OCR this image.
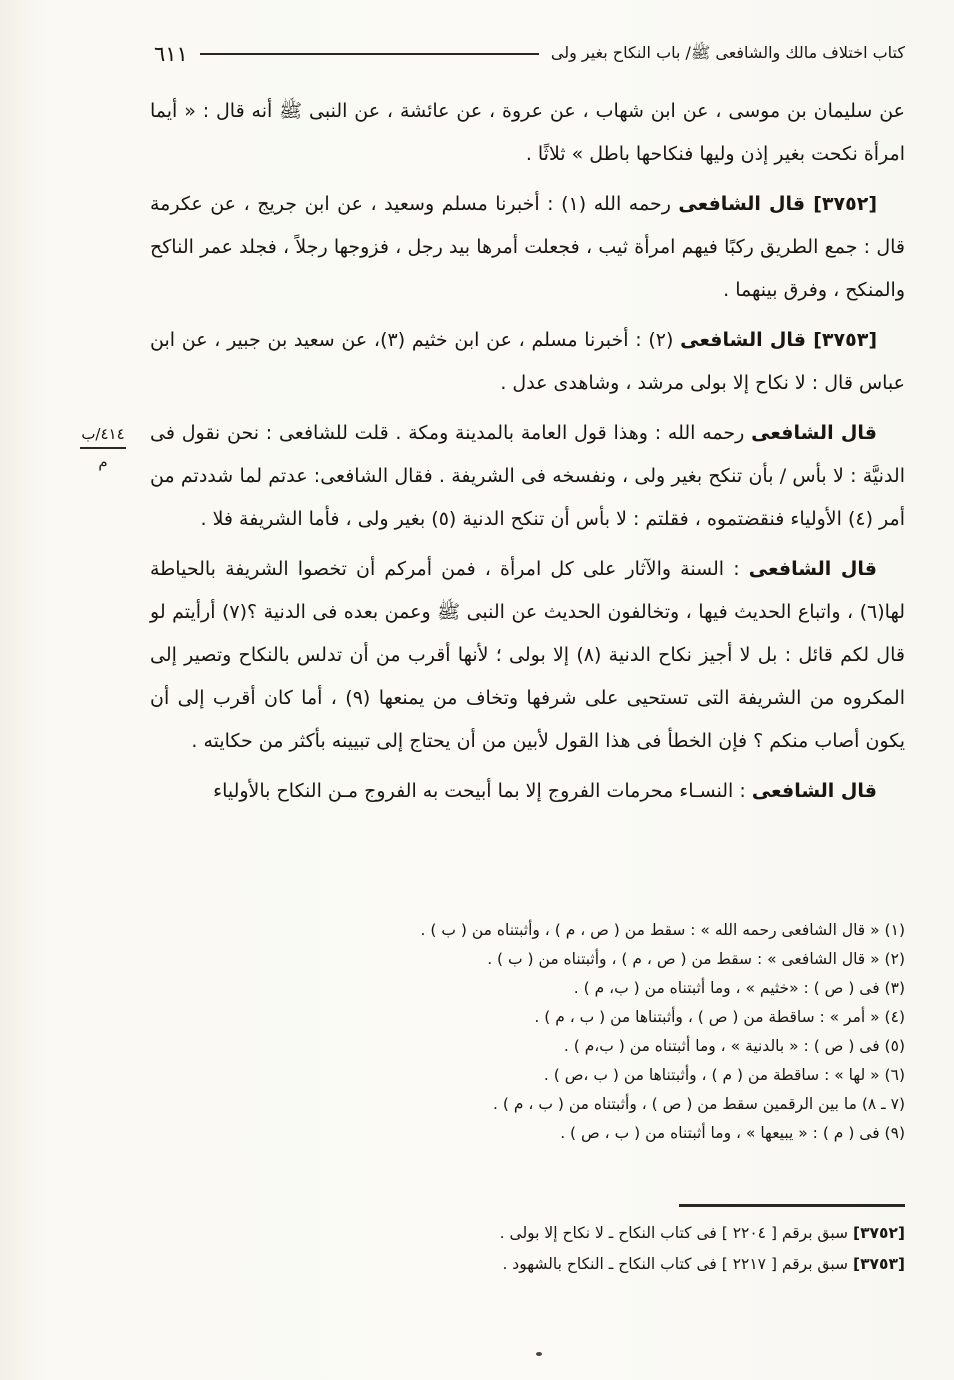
كتاب اختلاف مالك والشافعى ﷺ/ باب النكاح بغير ولى
٦١١
٤١٤/ب
م

عن سليمان بن موسى ، عن ابن شهاب ، عن عروة ، عن عائشة ، عن النبى ﷺ أنه قال : « أيما امرأة نكحت بغير إذن وليها فنكاحها باطل » ثلاثًا .

[٣٧٥٢] قال الشافعى رحمه الله (١) : أخبرنا مسلم وسعيد ، عن ابن جريج ، عن عكرمة قال : جمع الطريق ركبًا فيهم امرأة ثيب ، فجعلت أمرها بيد رجل ، فزوجها رجلاً ، فجلد عمر الناكح والمنكح ، وفرق بينهما .

[٣٧٥٣] قال الشافعى (٢) : أخبرنا مسلم ، عن ابن خثيم (٣)، عن سعيد بن جبير ، عن ابن عباس قال : لا نكاح إلا بولى مرشد ، وشاهدى عدل .

قال الشافعى رحمه الله : وهذا قول العامة بالمدينة ومكة . قلت للشافعى : نحن نقول فى الدنيَّة : لا بأس / بأن تنكح بغير ولى ، ونفسخه فى الشريفة . فقال الشافعى: عدتم لما شددتم من أمر (٤) الأولياء فنقضتموه ، فقلتم : لا بأس أن تنكح الدنية (٥) بغير ولى ، فأما الشريفة فلا .

قال الشافعى : السنة والآثار على كل امرأة ، فمن أمركم أن تخصوا الشريفة بالحياطة لها(٦) ، واتباع الحديث فيها ، وتخالفون الحديث عن النبى ﷺ وعمن بعده فى الدنية ؟(٧) أرأيتم لو قال لكم قائل : بل لا أجيز نكاح الدنية (٨) إلا بولى ؛ لأنها أقرب من أن تدلس بالنكاح وتصير إلى المكروه من الشريفة التى تستحيى على شرفها وتخاف من يمنعها (٩) ، أما كان أقرب إلى أن يكون أصاب منكم ؟ فإن الخطأ فى هذا القول لأبين من أن يحتاج إلى تبيينه بأكثر من حكايته .

قال الشافعى : النسـاء محرمات الفروج إلا بما أبيحت به الفروج مـن النكاح بالأولياء

(١) « قال الشافعى رحمه الله » : سقط من ( ص ، م ) ، وأثبتناه من ( ب ) .
(٢) « قال الشافعى » : سقط من ( ص ، م ) ، وأثبتناه من ( ب ) .
(٣) فى ( ص ) : «خثيم » ، وما أثبتناه من ( ب، م ) .
(٤) « أمر » : ساقطة من ( ص ) ، وأثبتناها من ( ب ، م ) .
(٥) فى ( ص ) : « بالدنية » ، وما أثبتناه من ( ب،م ) .
(٦) « لها » : ساقطة من ( م ) ، وأثبتناها من ( ب ،ص ) .
(٧ ـ ٨) ما بين الرقمين سقط من ( ص ) ، وأثبتناه من ( ب ، م ) .
(٩) فى ( م ) : « يبيعها » ، وما أثبتناه من ( ب ، ص ) .
[٣٧٥٢] سبق برقم [ ٢٢٠٤ ] فى كتاب النكاح ـ لا نكاح إلا بولى .
[٣٧٥٣] سبق برقم [ ٢٢١٧ ] فى كتاب النكاح ـ النكاح بالشهود .
